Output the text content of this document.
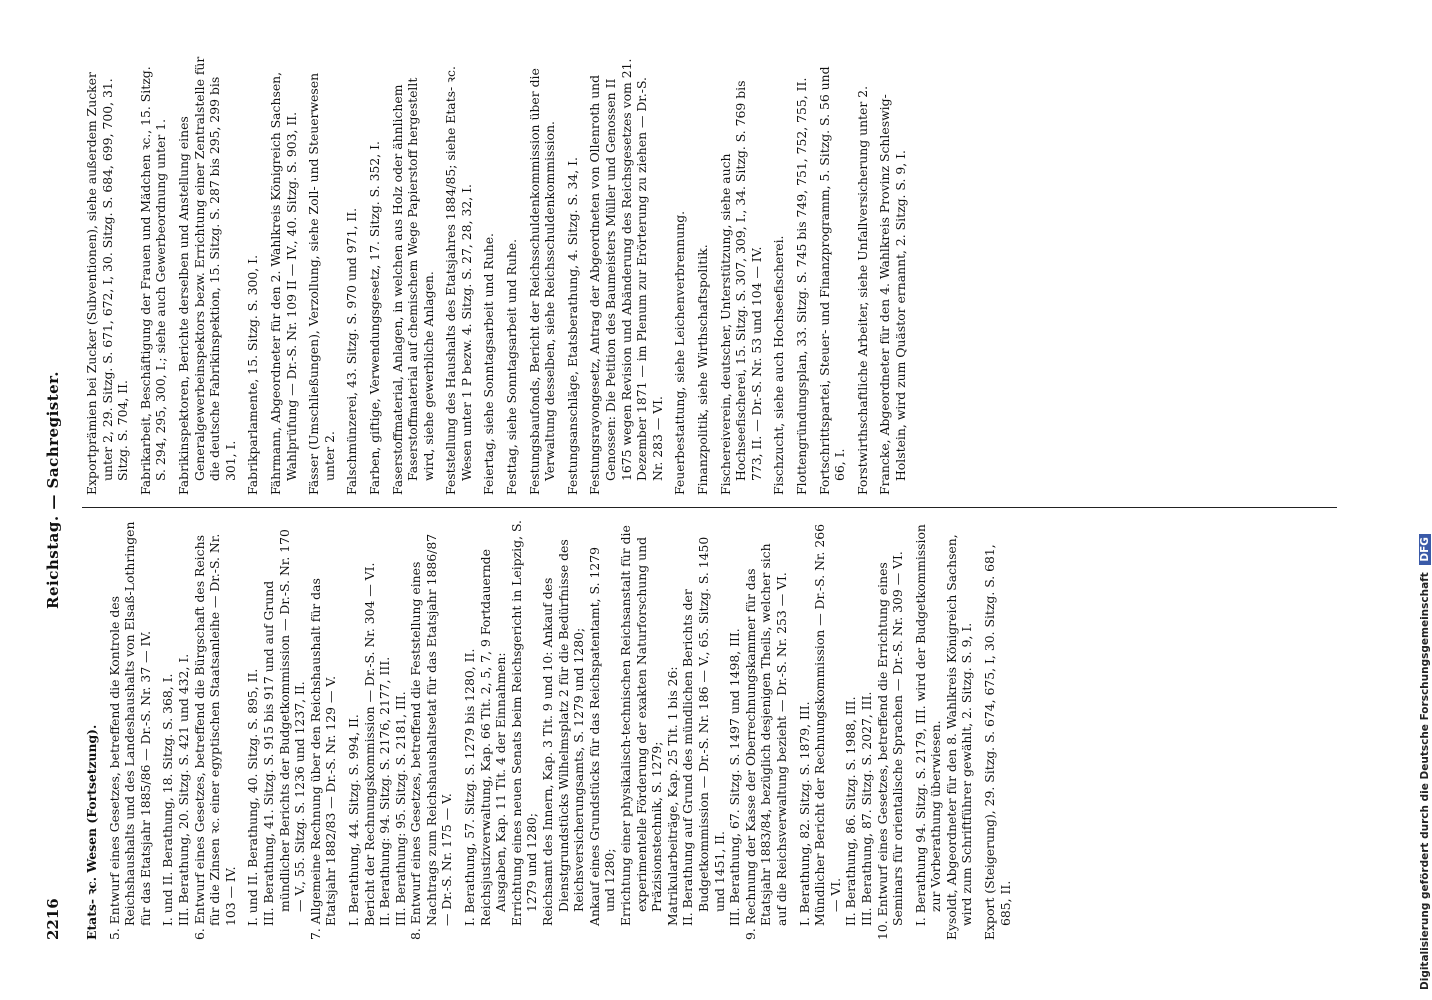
2216
Reichstag. — Sachregister.
Etats- ꝛc. Wesen (Fortsetzung). 5. Entwurf eines Gesetzes, betreffend die Kontrole des Reichshaushalts und des Landeshaushalts von Elsaß-Lothringen für das Etatsjahr 1885/86 — Dr.-S. Nr. 37 — IV. I. und II. Berathung, 18. Sitzg. S. 368, I. III. Berathung, 20. Sitzg. S. 421 und 432, I. 6. Entwurf eines Gesetzes, betreffend die Bürgschaft des Reichs für die Zinsen ꝛc. einer egyptischen Staatsanleihe — Dr.-S. Nr. 103 — IV. I. und II. Berathung, 40. Sitzg. S. 895, II. III. Berathung, 41. Sitzg. S. 915 bis 917 und auf Grund mündlicher Berichts der Budgetkommission — Dr.-S. Nr. 170 — V., 55. Sitzg. S. 1236 und 1237, II. 7. Allgemeine Rechnung über den Reichshaushalt für das Etatsjahr 1882/83 — Dr.-S. Nr. 129 — V. I. Berathung, 44. Sitzg. S. 994, II. Bericht der Rechnungskommission — Dr.-S. Nr. 304 — VI. II. Berathung: 94. Sitzg. S. 2176, 2177, III. III. Berathung: 95. Sitzg. S. 2181, III. 8. Entwurf eines Gesetzes, betreffend die Feststellung eines Nachtrags zum Reichshaushaltsetat für das Etatsjahr 1886/87 — Dr.-S. Nr. 175 — V. I. Berathung, 57. Sitzg. S. 1279 bis 1280, II. Reichsjustizverwaltung, Kap. 66 Tit. 2, 5, 7, 9 Fortdauernde Ausgaben, Kap. 11 Tit. 4 der Einnahmen: Errichtung eines neuen Senats beim Reichsgericht in Leipzig, S. 1279 und 1280; Reichsamt des Innern, Kap. 3 Tit. 9 und 10: Ankauf des Dienstgrundstücks Wilhelmsplatz 2 für die Bedürfnisse des Reichsversicherungsamts, S. 1279 und 1280; Ankauf eines Grundstücks für das Reichspatentamt, S. 1279 und 1280; Errichtung einer physikalisch-technischen Reichsanstalt für die experimentelle Förderung der exakten Naturforschung und Präzisionstechnik, S. 1279; Matrikularbeiträge, Kap. 25 Tit. 1 bis 26: II. Berathung auf Grund des mündlichen Berichts der Budgetkommission — Dr.-S. Nr. 186 — V., 65. Sitzg. S. 1450 und 1451, II. III. Berathung, 67. Sitzg. S. 1497 und 1498, III. 9. Rechnung der Kasse der Oberrechnungskammer für das Etatsjahr 1883/84, bezüglich desjenigen Theils, welcher sich auf die Reichsverwaltung bezieht — Dr.-S. Nr. 253 — VI. I. Berathung, 82. Sitzg. S. 1879, III. Mündlicher Bericht der Rechnungskommission — Dr.-S. Nr. 266 — VI. II. Berathung, 86. Sitzg. S. 1988, III. III. Berathung, 87. Sitzg. S. 2027, III. 10. Entwurf eines Gesetzes, betreffend die Errichtung eines Seminars für orientalische Sprachen — Dr.-S. Nr. 309 — VI. I. Berathung 94. Sitzg. S. 2179, III. wird der Budgetkommission zur Vorberathung überwiesen. Eysoldt, Abgeordneter für den 8. Wahlkreis Königreich Sachsen, wird zum Schriftführer gewählt, 2. Sitzg. S. 9, I. Export (Steigerung), 29. Sitzg. S. 674, 675, I, 30. Sitzg. S. 681, 685, II.
Exportprämien bei Zucker (Subventionen), siehe außerdem Zucker unter 2, 29. Sitzg. S. 671, 672, I, 30. Sitzg. S. 684, 699, 700, 31. Sitzg. S. 704, II. Fabrikarbeit, Beschäftigung der Frauen und Mädchen ꝛc., 15. Sitzg. S. 294, 295, 300, I.; siehe auch Gewerbeordnung unter 1. Fabrikinspektoren, Berichte derselben und Anstellung eines Generalgewerbeinspektors bezw. Errichtung einer Zentralstelle für die deutsche Fabrikinspektion, 15. Sitzg. S. 287 bis 295, 299 bis 301, I. Fabrikparlamente, 15. Sitzg. S. 300, I. Fährmann, Abgeordneter für den 2. Wahlkreis Königreich Sachsen, Wahlprüfung — Dr.-S. Nr. 109 II — IV., 40. Sitzg. S. 903, II. Fässer (Umschließungen), Verzollung, siehe Zoll- und Steuerwesen unter 2. Falschmünzerei, 43. Sitzg. S. 970 und 971, II. Farben, giftige, Verwendungsgesetz, 17. Sitzg. S. 352, I. Faserstoffmaterial, Anlagen, in welchen aus Holz oder ähnlichem Faserstoffmaterial auf chemischem Wege Papierstoff hergestellt wird, siehe gewerbliche Anlagen. Feststellung des Haushalts des Etatsjahres 1884/85; siehe Etats- ꝛc. Wesen unter 1 P bezw. 4. Sitzg. S. 27, 28, 32, I. Feiertag, siehe Sonntagsarbeit und Ruhe. Festtag, siehe Sonntagsarbeit und Ruhe. Festungsbaufonds, Bericht der Reichsschuldenkommission über die Verwaltung desselben, siehe Reichsschuldenkommission. Festungsanschläge, Etatsberathung, 4. Sitzg. S. 34, I. Festungsrayongesetz, Antrag der Abgeordneten von Ollenroth und Genossen: Die Petition des Baumeisters Müller und Genossen II 1675 wegen Revision und Abänderung des Reichsgesetzes vom 21. Dezember 1871 — im Plenum zur Erörterung zu ziehen — Dr.-S. Nr. 283 — VI. Feuerbestattung, siehe Leichenverbrennung. Finanzpolitik, siehe Wirthschaftspolitik. Fischereiverein, deutscher, Unterstützung, siehe auch Hochseefischerei, 15. Sitzg. S. 307, 309, I., 34. Sitzg. S. 769 bis 773, II. — Dr.-S. Nr. 53 und 104 — IV. Fischzucht, siehe auch Hochseefischerei. Flottengründungsplan, 33. Sitzg. S. 745 bis 749, 751, 752, 755, II. Fortschrittspartei, Steuer- und Finanzprogramm, 5. Sitzg. S. 56 und 66, I. Forstwirthschaftliche Arbeiter, siehe Unfallversicherung unter 2. Francke, Abgeordneter für den 4. Wahlkreis Provinz Schleswig-Holstein, wird zum Quästor ernannt, 2. Sitzg. S. 9, I.
Digitalisierung gefördert durch die Deutsche Forschungsgemeinschaft DFG
